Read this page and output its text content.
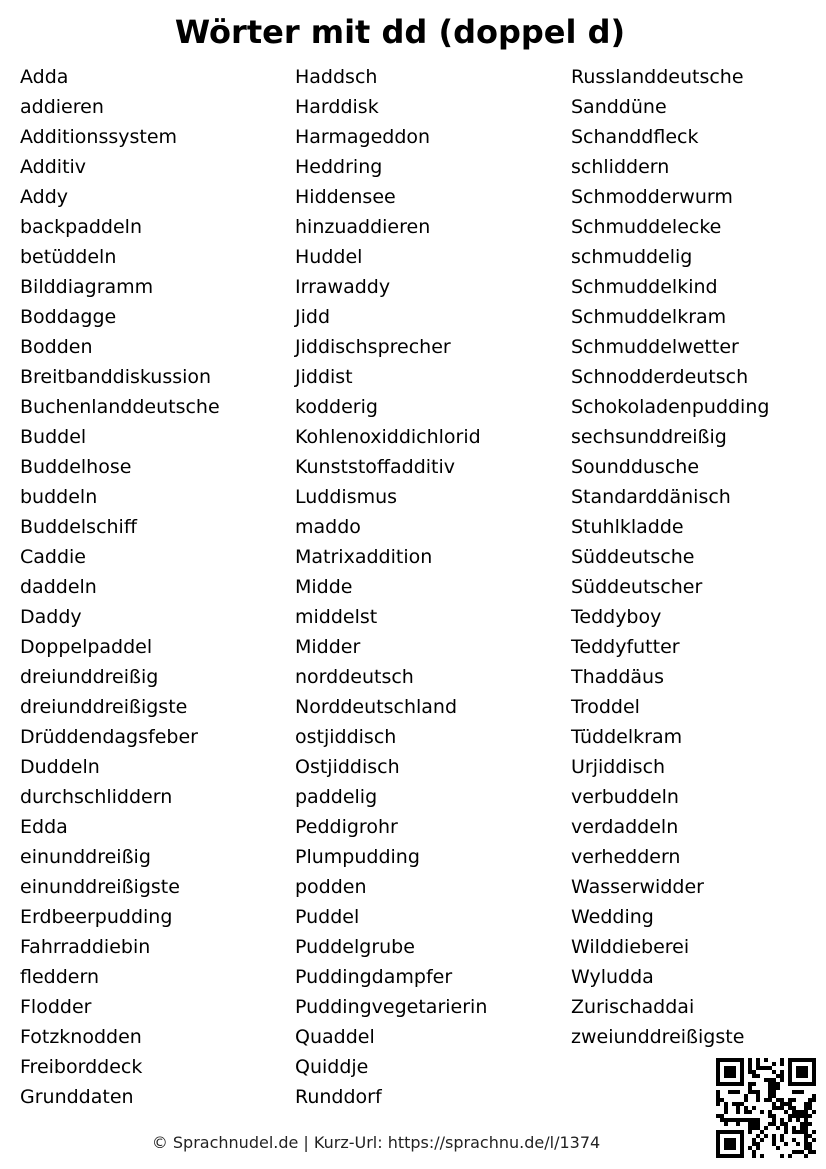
Wörter mit dd (doppel d)
Adda
addieren
Additionssystem
Additiv
Addy
backpaddeln
betüddeln
Bilddiagramm
Boddagge
Bodden
Breitbanddiskussion
Buchenlanddeutsche
Buddel
Buddelhose
buddeln
Buddelschiff
Caddie
daddeln
Daddy
Doppelpaddel
dreiunddreißig
dreiunddreißigste
Drüddendagsfeber
Duddeln
durchschliddern
Edda
einunddreißig
einunddreißigste
Erdbeerpudding
Fahrraddiebin
fleddern
Flodder
Fotzknodden
Freiborddeck
Grunddaten
Haddsch
Harddisk
Harmageddon
Heddring
Hiddensee
hinzuaddieren
Huddel
Irrawaddy
Jidd
Jiddischsprecher
Jiddist
kodderig
Kohlenoxiddichlorid
Kunststoffadditiv
Luddismus
maddo
Matrixaddition
Midde
middelst
Midder
norddeutsch
Norddeutschland
ostjiddisch
Ostjiddisch
paddelig
Peddigrohr
Plumpudding
podden
Puddel
Puddelgrube
Puddingdampfer
Puddingvegetarierin
Quaddel
Quiddje
Runddorf
Russlanddeutsche
Sanddüne
Schanddfleck
schliddern
Schmodderwurm
Schmuddelecke
schmuddelig
Schmuddelkind
Schmuddelkram
Schmuddelwetter
Schnodderdeutsch
Schokoladenpudding
sechsunddreißig
Sounddusche
Standarddänisch
Stuhlkladde
Süddeutsche
Süddeutscher
Teddyboy
Teddyfutter
Thaddäus
Troddel
Tüddelkram
Urjiddisch
verbuddeln
verdaddeln
verheddern
Wasserwidder
Wedding
Wilddieberei
Wyludda
Zurischaddai
zweiunddreißigste
© Sprachnudel.de | Kurz-Url: https://sprachnu.de/l/1374
